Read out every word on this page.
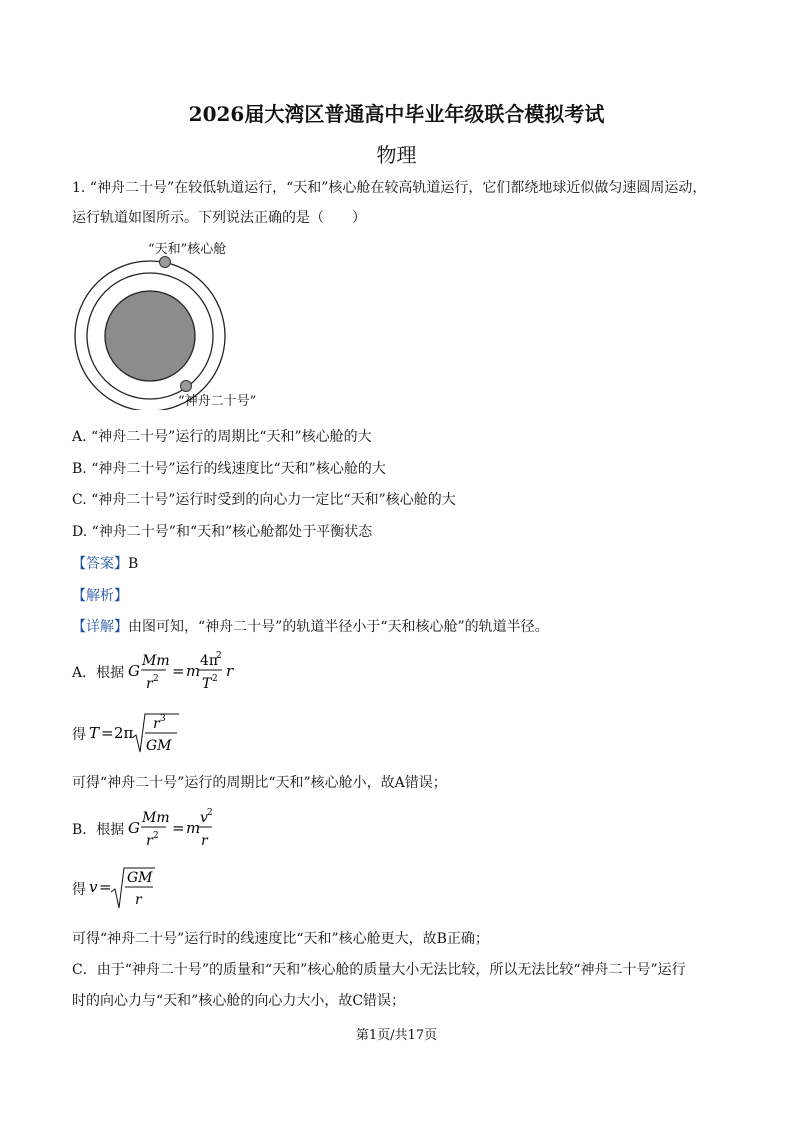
2026届大湾区普通高中毕业年级联合模拟考试
物理
1. “神舟二十号”在较低轨道运行，“天和”核心舱在较高轨道运行，它们都绕地球近似做匀速圆周运动，
运行轨道如图所示。下列说法正确的是（　　）
“天和”核心舱
“神舟二十号”
A. “神舟二十号”运行的周期比“天和”核心舱的大
B. “神舟二十号”运行的线速度比“天和”核心舱的大
C. “神舟二十号”运行时受到的向心力一定比“天和”核心舱的大
D. “神舟二十号”和“天和”核心舱都处于平衡状态
【答案】B
【解析】
【详解】由图可知，“神舟二十号”的轨道半径小于“天和核心舱”的轨道半径。
A．根据 G
Mm
r 2 = m
4π
2
T 2 r
得 T = 2π r 3
GM
可得“神舟二十号”运行的周期比“天和”核心舱小，故A错误；
B．根据 G
Mm
r 2 = m
v 2
r
得 v = GM
r
可得“神舟二十号”运行时的线速度比“天和”核心舱更大，故B正确；
C．由于“神舟二十号”的质量和“天和”核心舱的质量大小无法比较，所以无法比较“神舟二十号”运行
时的向心力与“天和”核心舱的向心力大小，故C错误；
第1页/共17页
